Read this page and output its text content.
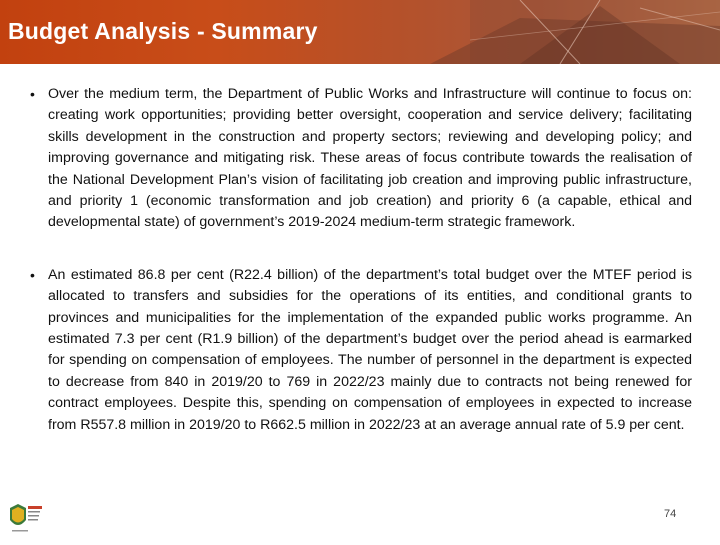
Budget Analysis - Summary
• Over the medium term, the Department of Public Works and Infrastructure will continue to focus on: creating work opportunities; providing better oversight, cooperation and service delivery; facilitating skills development in the construction and property sectors; reviewing and developing policy; and improving governance and mitigating risk. These areas of focus contribute towards the realisation of the National Development Plan’s vision of facilitating job creation and improving public infrastructure, and priority 1 (economic transformation and job creation) and priority 6 (a capable, ethical and developmental state) of government’s 2019-2024 medium-term strategic framework.

• An estimated 86.8 per cent (R22.4 billion) of the department’s total budget over the MTEF period is allocated to transfers and subsidies for the operations of its entities, and conditional grants to provinces and municipalities for the implementation of the expanded public works programme. An estimated 7.3 per cent (R1.9 billion) of the department’s budget over the period ahead is earmarked for spending on compensation of employees. The number of personnel in the department is expected to decrease from 840 in 2019/20 to 769 in 2022/23 mainly due to contracts not being renewed for contract employees. Despite this, spending on compensation of employees in expected to increase from R557.8 million in 2019/20 to R662.5 million in 2022/23 at an average annual rate of 5.9 per cent.

74
